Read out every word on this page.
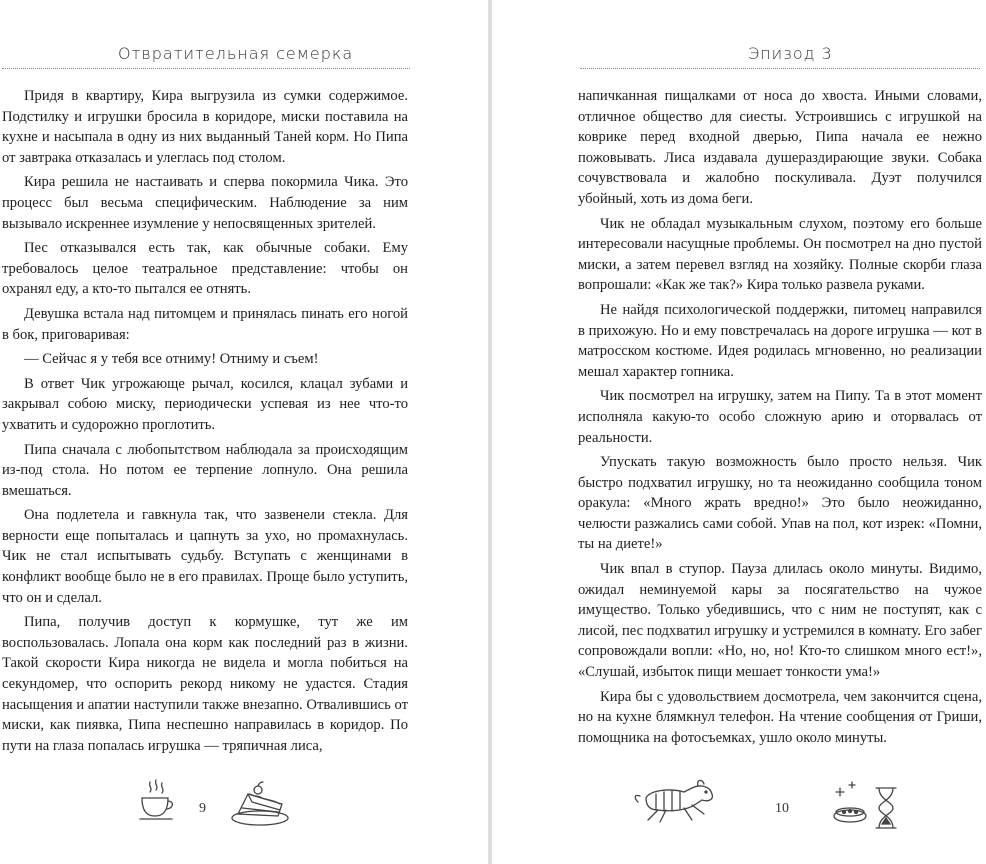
Отвратительная семерка

Придя в квартиру, Кира выгрузила из сумки содержимое. Подстилку и игрушки бросила в коридоре, миски поставила на кухне и насыпала в одну из них выданный Таней корм. Но Пипа от завтрака отказалась и улеглась под столом.

Кира решила не настаивать и сперва покормила Чика. Это процесс был весьма специфическим. Наблюдение за ним вызывало искреннее изумление у непосвященных зрителей.

Пес отказывался есть так, как обычные собаки. Ему требовалось целое театральное представление: чтобы он охранял еду, а кто-то пытался ее отнять.

Девушка встала над питомцем и принялась пинать его ногой в бок, приговаривая:

— Сейчас я у тебя все отниму! Отниму и съем!

В ответ Чик угрожающе рычал, косился, клацал зубами и закрывал собою миску, периодически успевая из нее что-то ухватить и судорожно проглотить.

Пипа сначала с любопытством наблюдала за происходящим из-под стола. Но потом ее терпение лопнуло. Она решила вмешаться.

Она подлетела и гавкнула так, что зазвенели стекла. Для верности еще попыталась и цапнуть за ухо, но промахнулась. Чик не стал испытывать судьбу. Вступать с женщинами в конфликт вообще было не в его правилах. Проще было уступить, что он и сделал.

Пипа, получив доступ к кормушке, тут же им воспользовалась. Лопала она корм как последний раз в жизни. Такой скорости Кира никогда не видела и могла побиться на секундомер, что оспорить рекорд никому не удастся. Стадия насыщения и апатии наступили также внезапно. Отвалившись от миски, как пиявка, Пипа неспешно направилась в коридор. По пути на глаза попалась игрушка — тряпичная лиса,

9
Эпизод 3

напичканная пищалками от носа до хвоста. Иными словами, отличное общество для сиесты. Устроившись с игрушкой на коврике перед входной дверью, Пипа начала ее нежно пожовывать. Лиса издавала душераздирающие звуки. Собака сочувствовала и жалобно поскуливала. Дуэт получился убойный, хоть из дома беги.

Чик не обладал музыкальным слухом, поэтому его больше интересовали насущные проблемы. Он посмотрел на дно пустой миски, а затем перевел взгляд на хозяйку. Полные скорби глаза вопрошали: «Как же так?» Кира только развела руками.

Не найдя психологической поддержки, питомец направился в прихожую. Но и ему повстречалась на дороге игрушка — кот в матросском костюме. Идея родилась мгновенно, но реализации мешал характер гопника.

Чик посмотрел на игрушку, затем на Пипу. Та в этот момент исполняла какую-то особо сложную арию и оторвалась от реальности.

Упускать такую возможность было просто нельзя. Чик быстро подхватил игрушку, но та неожиданно сообщила тоном оракула: «Много жрать вредно!» Это было неожиданно, челюсти разжались сами собой. Упав на пол, кот изрек: «Помни, ты на диете!»

Чик впал в ступор. Пауза длилась около минуты. Видимо, ожидал неминуемой кары за посягательство на чужое имущество. Только убедившись, что с ним не поступят, как с лисой, пес подхватил игрушку и устремился в комнату. Его забег сопровождали вопли: «Но, но, но! Кто-то слишком много ест!», «Слушай, избыток пищи мешает тонкости ума!»

Кира бы с удовольствием досмотрела, чем закончится сцена, но на кухне блямкнул телефон. На чтение сообщения от Гриши, помощника на фотосъемках, ушло около минуты.

10
